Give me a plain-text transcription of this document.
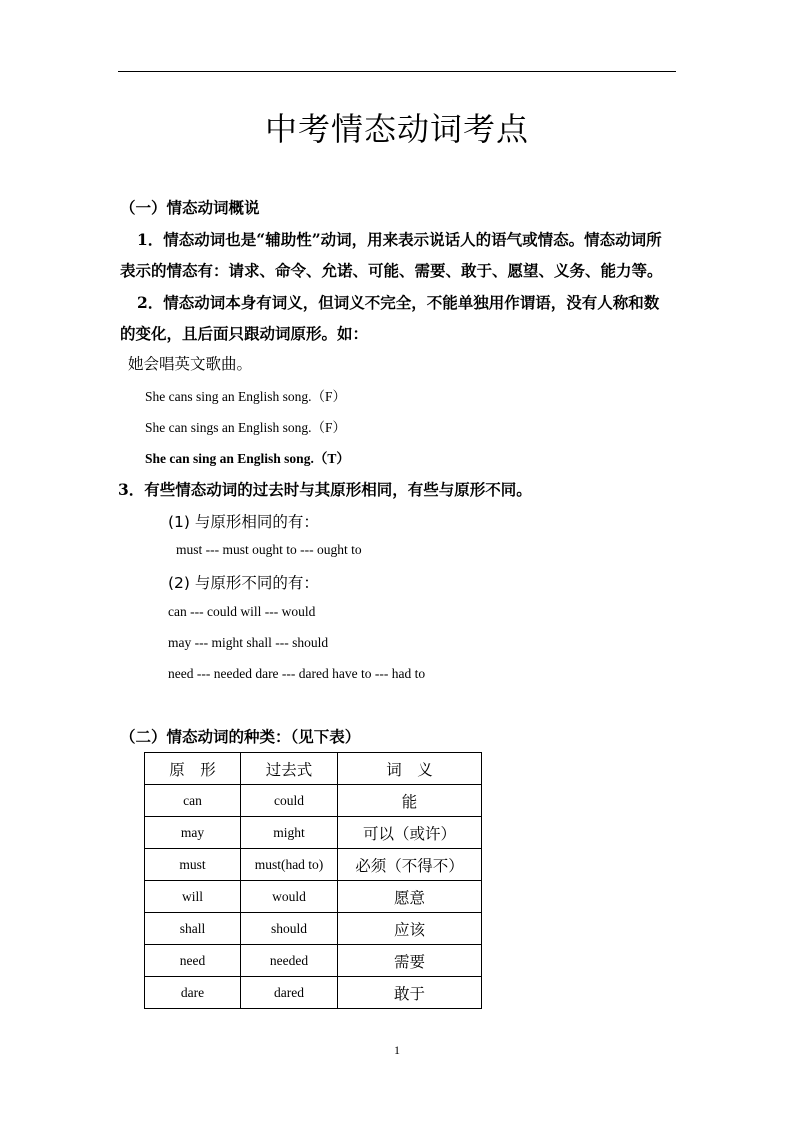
中考情态动词考点
（一）情态动词概说
1．情态动词也是“辅助性”动词，用来表示说话人的语气或情态。情态动词所
表示的情态有：请求、命令、允诺、可能、需要、敢于、愿望、义务、能力等。
2．情态动词本身有词义，但词义不完全，不能单独用作谓语，没有人称和数
的变化，且后面只跟动词原形。如：
她会唱英文歌曲。
She cans sing an English song.（F）
She can sings an English song.（F）
She can sing an English song.（T）
3．有些情态动词的过去时与其原形相同，有些与原形不同。
(1) 与原形相同的有：
must --- must ought to --- ought to
(2) 与原形不同的有：
can --- could will --- would
may --- might shall --- should
need --- needed dare --- dared have to --- had to
（二）情态动词的种类：（见下表）
原　形	过去式	词　义
can	could	能
may	might	可以（或许）
must	must(had to)	必须（不得不）
will	would	愿意
shall	should	应该
need	needed	需要
dare	dared	敢于
1
